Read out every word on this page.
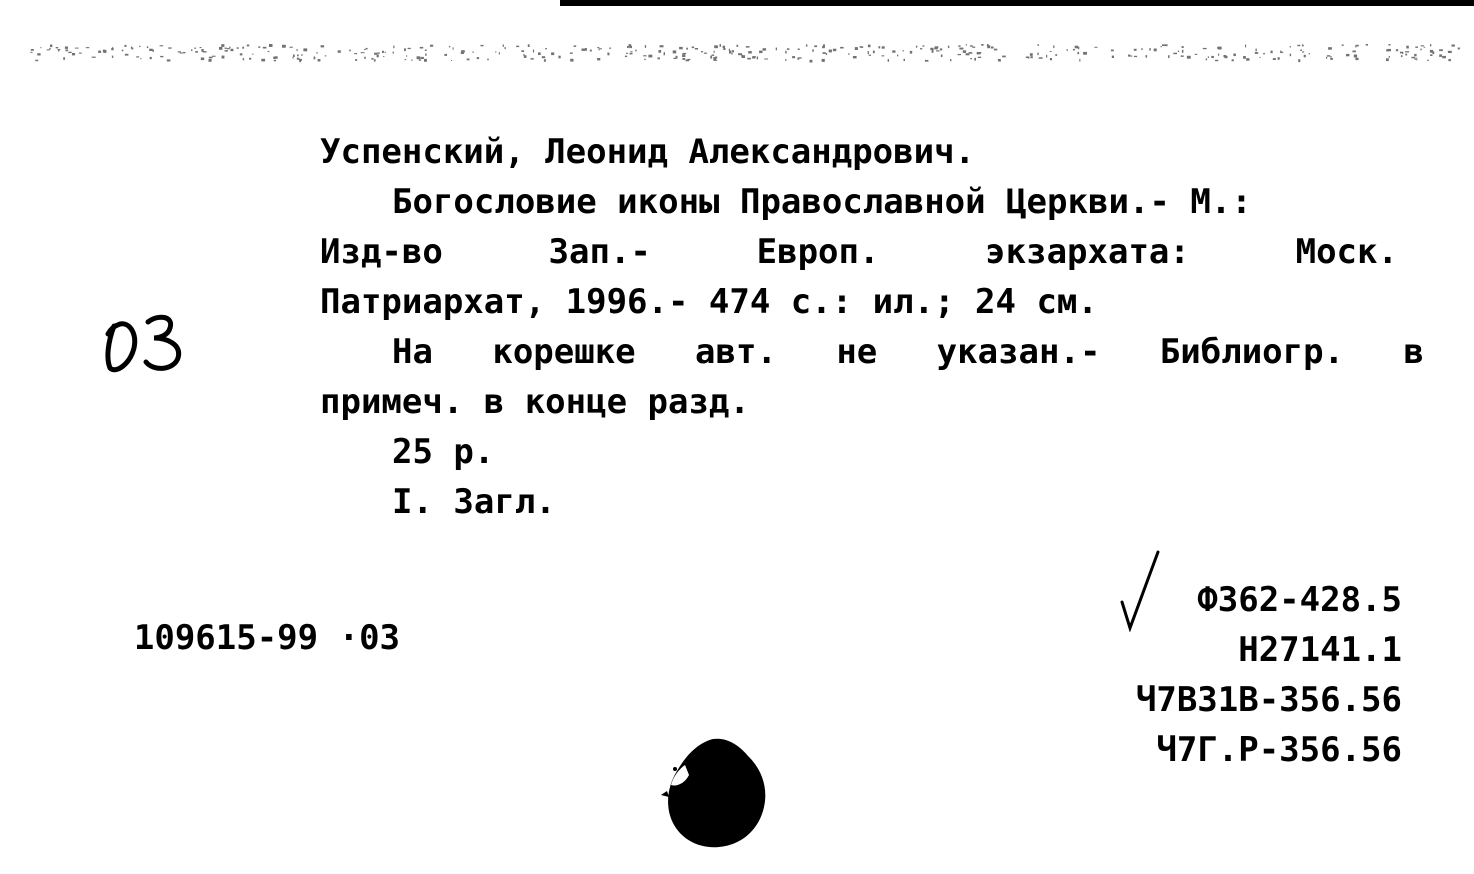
Успенский, Леонид Александрович.
Богословие иконы Православной Церкви.- М.:
Изд-во	Зап.-	Европ.	экзархата:	Моск.
Патриархат, 1996.- 474 с.: ил.; 24 см.
На корешке авт. не указан.- Библиогр. в
примеч. в конце разд.
25 р.
I. Загл.

109615-99 ·03

Ф362-428.5
Н27141.1
Ч7В31В-356.56
Ч7Г.Р-356.56
